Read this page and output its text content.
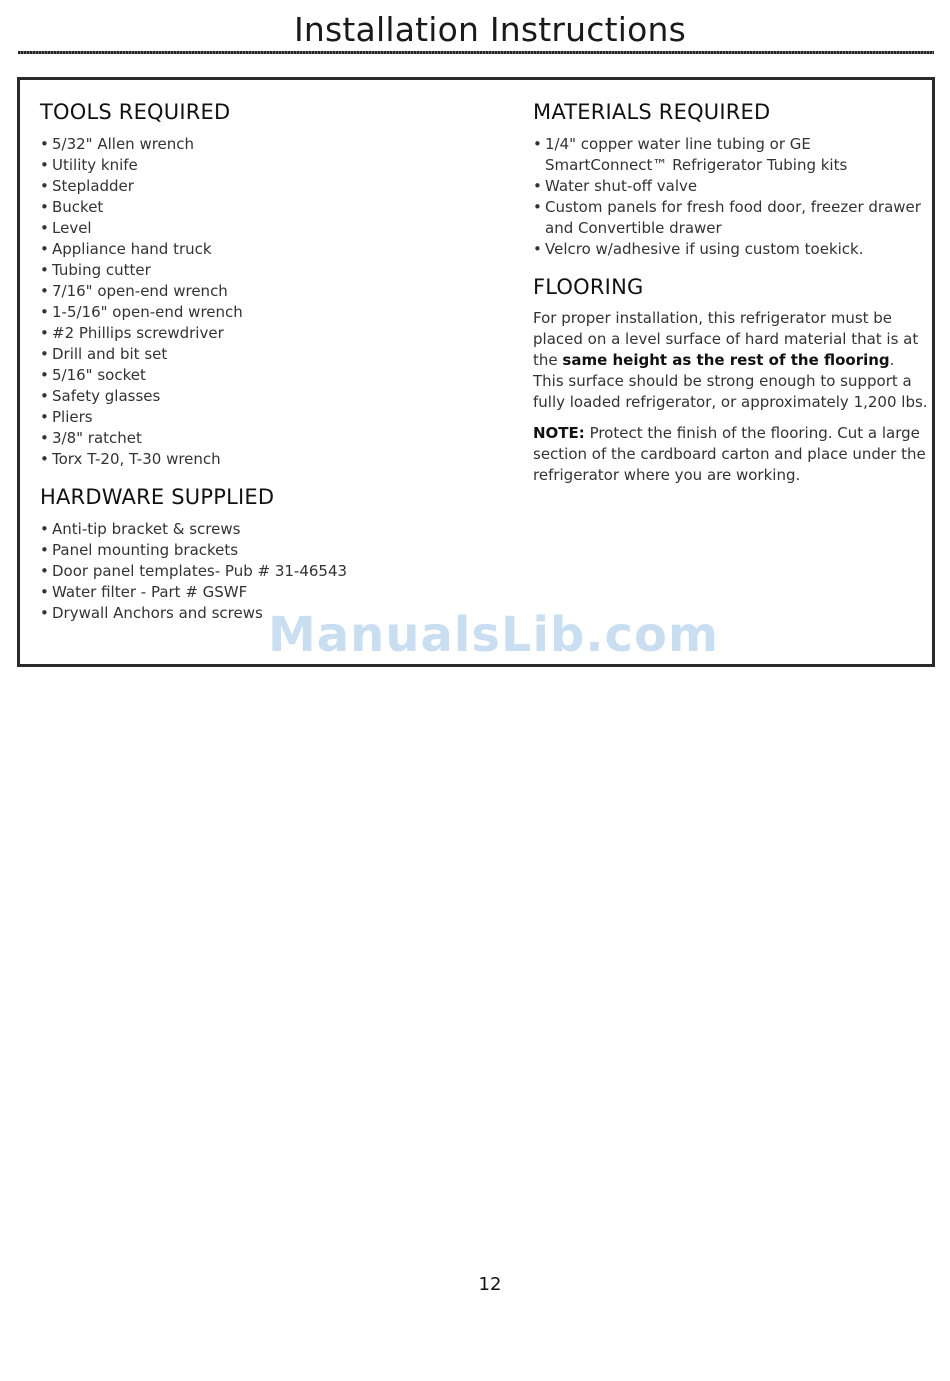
Installation Instructions
TOOLS REQUIRED
• 5/32" Allen wrench
• Utility knife
• Stepladder
• Bucket
• Level
• Appliance hand truck
• Tubing cutter
• 7/16" open-end wrench
• 1-5/16" open-end wrench
• #2 Phillips screwdriver
• Drill and bit set
• 5/16" socket
• Safety glasses
• Pliers
• 3/8" ratchet
• Torx T-20, T-30 wrench
HARDWARE SUPPLIED
• Anti-tip bracket & screws
• Panel mounting brackets
• Door panel templates- Pub # 31-46543
• Water filter - Part # GSWF
• Drywall Anchors and screws
MATERIALS REQUIRED
• 1/4" copper water line tubing or GE SmartConnect™ Refrigerator Tubing kits
• Water shut-off valve
• Custom panels for fresh food door, freezer drawer and Convertible drawer
• Velcro w/adhesive if using custom toekick.
FLOORING

For proper installation, this refrigerator must be placed on a level surface of hard material that is at the same height as the rest of the flooring. This surface should be strong enough to support a fully loaded refrigerator, or approximately 1,200 lbs.

NOTE: Protect the finish of the flooring. Cut a large section of the cardboard carton and place under the refrigerator where you are working.

ManualsLib.com
12
